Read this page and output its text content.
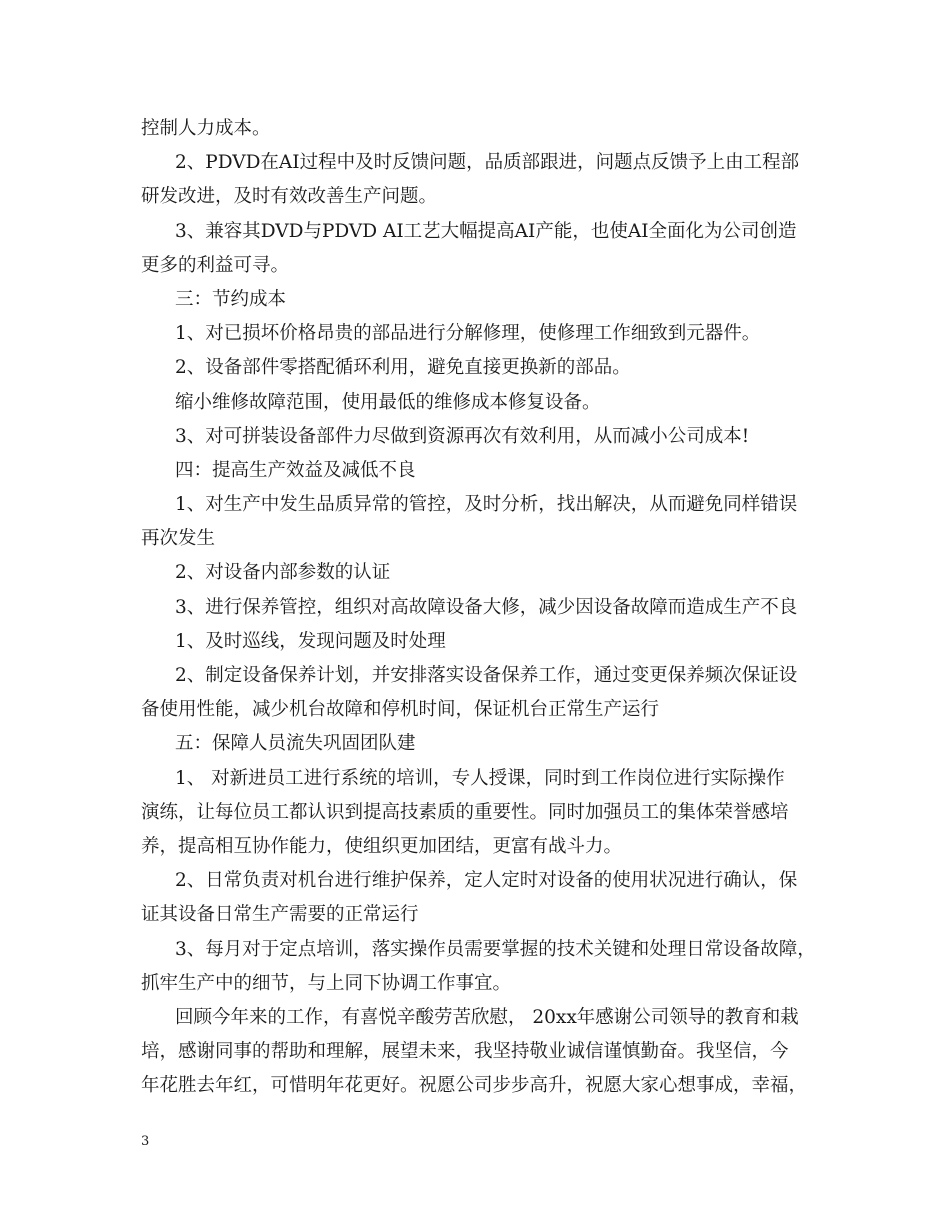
控制人力成本。
2、PDVD在AI过程中及时反馈问题，品质部跟进，问题点反馈予上由工程部
研发改进，及时有效改善生产问题。
3、兼容其DVD与PDVD AI工艺大幅提高AI产能，也使AI全面化为公司创造
更多的利益可寻。
三：节约成本
1、对已损坏价格昂贵的部品进行分解修理，使修理工作细致到元器件。
2、设备部件零搭配循环利用，避免直接更换新的部品。
缩小维修故障范围，使用最低的维修成本修复设备。
3、对可拼装设备部件力尽做到资源再次有效利用，从而减小公司成本!
四：提高生产效益及减低不良
1、对生产中发生品质异常的管控，及时分析，找出解决，从而避免同样错误
再次发生
2、对设备内部参数的认证
3、进行保养管控，组织对高故障设备大修，减少因设备故障而造成生产不良
1、及时巡线，发现问题及时处理
2、制定设备保养计划，并安排落实设备保养工作，通过变更保养频次保证设
备使用性能，减少机台故障和停机时间，保证机台正常生产运行
五：保障人员流失巩固团队建
1、 对新进员工进行系统的培训，专人授课，同时到工作岗位进行实际操作
演练，让每位员工都认识到提高技素质的重要性。同时加强员工的集体荣誉感培
养，提高相互协作能力，使组织更加团结，更富有战斗力。
2、日常负责对机台进行维护保养，定人定时对设备的使用状况进行确认，保
证其设备日常生产需要的正常运行
3、每月对于定点培训，落实操作员需要掌握的技术关键和处理日常设备故障，
抓牢生产中的细节，与上同下协调工作事宜。
回顾今年来的工作，有喜悦辛酸劳苦欣慰， 20xx年感谢公司领导的教育和栽
培，感谢同事的帮助和理解，展望未来，我坚持敬业诚信谨慎勤奋。我坚信，今
年花胜去年红，可惜明年花更好。祝愿公司步步高升，祝愿大家心想事成，幸福，
3
